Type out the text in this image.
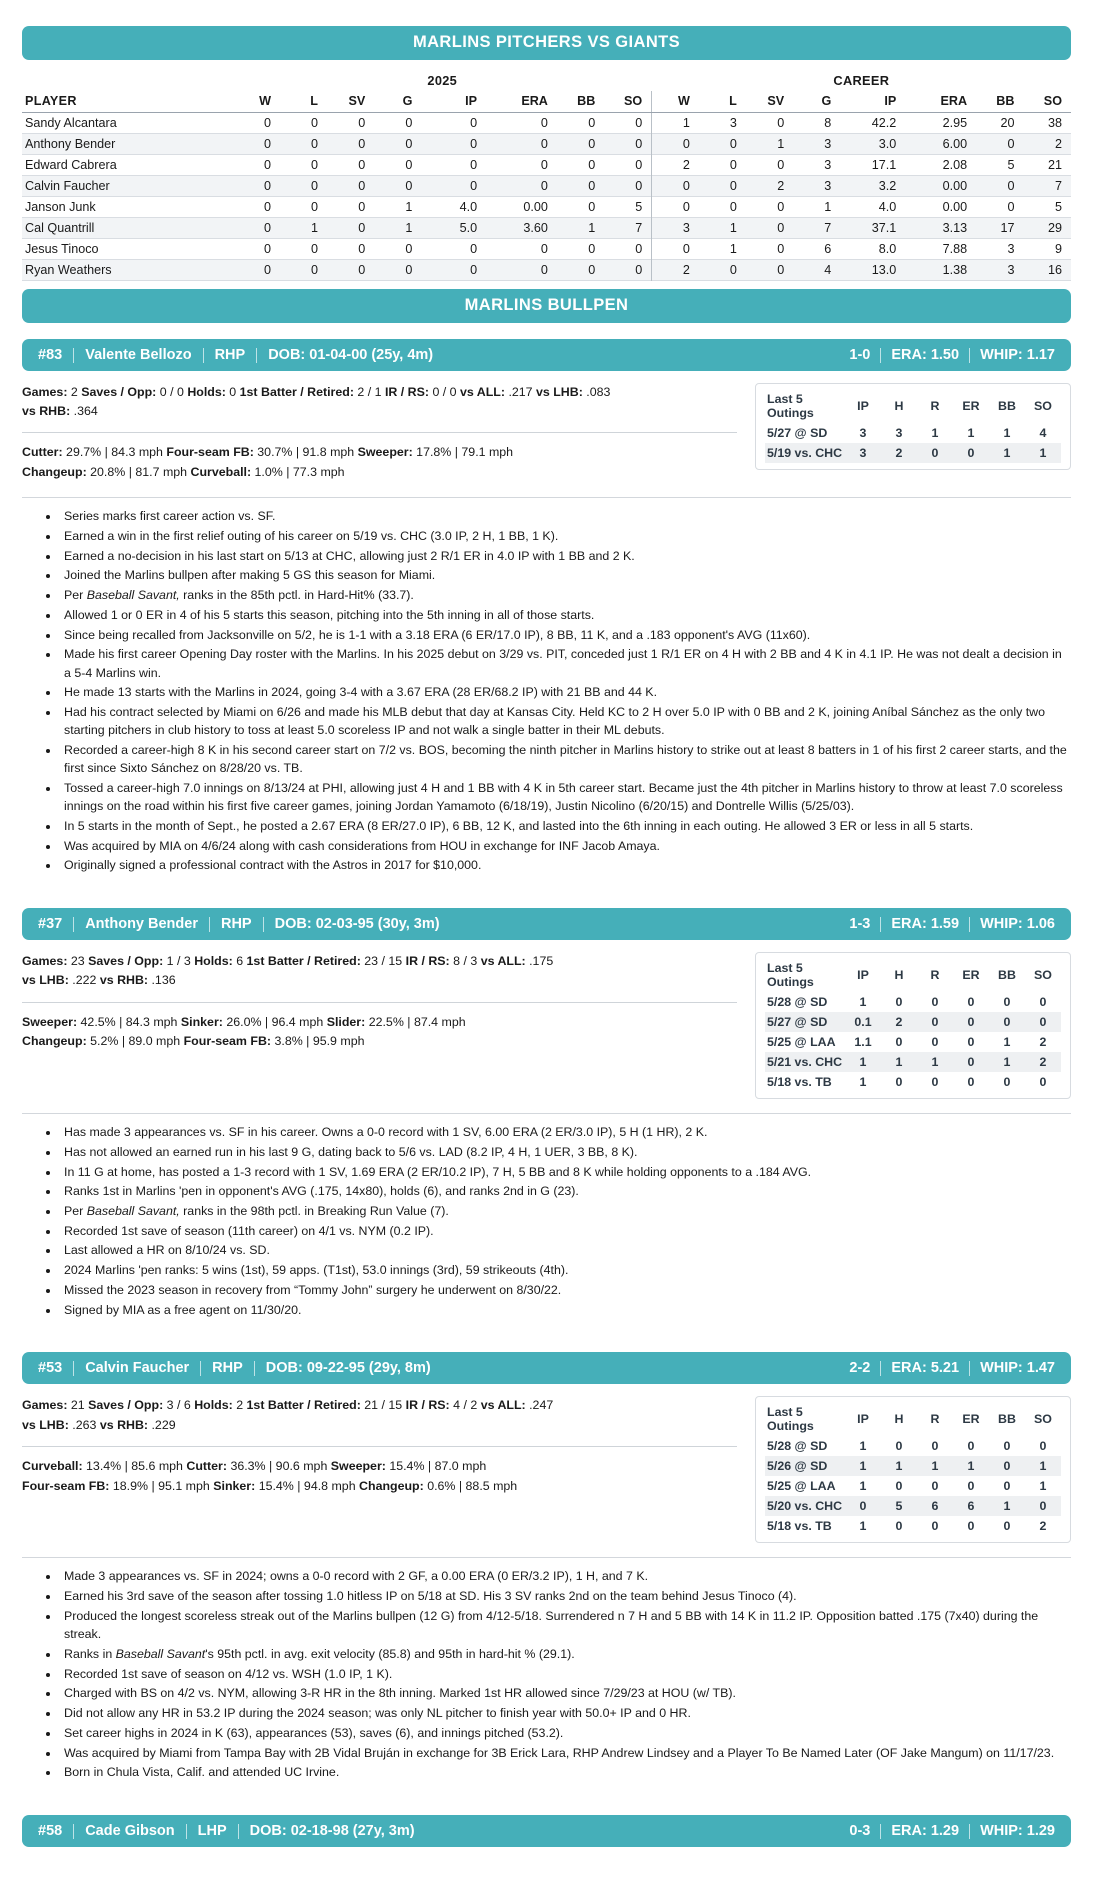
MARLINS PITCHERS VS GIANTS
	2025								CAREER							
PLAYER	W	L	SV	G	IP	ERA	BB	SO	W	L	SV	G	IP	ERA	BB	SO
Sandy Alcantara	0	0	0	0	0	0	0	0	1	3	0	8	42.2	2.95	20	38
Anthony Bender	0	0	0	0	0	0	0	0	0	0	1	3	3.0	6.00	0	2
Edward Cabrera	0	0	0	0	0	0	0	0	2	0	0	3	17.1	2.08	5	21
Calvin Faucher	0	0	0	0	0	0	0	0	0	0	2	3	3.2	0.00	0	7
Janson Junk	0	0	0	1	4.0	0.00	0	5	0	0	0	1	4.0	0.00	0	5
Cal Quantrill	0	1	0	1	5.0	3.60	1	7	3	1	0	7	37.1	3.13	17	29
Jesus Tinoco	0	0	0	0	0	0	0	0	0	1	0	6	8.0	7.88	3	9
Ryan Weathers	0	0	0	0	0	0	0	0	2	0	0	4	13.0	1.38	3	16
MARLINS BULLPEN
#83 Valente Bellozo RHP DOB: 01-04-00 (25y, 4m)	1-0 ERA: 1.50 WHIP: 1.17
Games: 2 Saves / Opp: 0 / 0 Holds: 0 1st Batter / Retired: 2 / 1 IR / RS: 0 / 0 vs ALL: .217 vs LHB: .083
vs RHB: .364
Cutter: 29.7% | 84.3 mph Four-seam FB: 30.7% | 91.8 mph Sweeper: 17.8% | 79.1 mph
Changeup: 20.8% | 81.7 mph Curveball: 1.0% | 77.3 mph
Last 5 Outings	IP	H	R	ER	BB	SO
5/27 @ SD	3	3	1	1	1	4
5/19 vs. CHC	3	2	0	0	1	1
• Series marks first career action vs. SF.
• Earned a win in the first relief outing of his career on 5/19 vs. CHC (3.0 IP, 2 H, 1 BB, 1 K).
• Earned a no-decision in his last start on 5/13 at CHC, allowing just 2 R/1 ER in 4.0 IP with 1 BB and 2 K.
• Joined the Marlins bullpen after making 5 GS this season for Miami.
• Per Baseball Savant, ranks in the 85th pctl. in Hard-Hit% (33.7).
• Allowed 1 or 0 ER in 4 of his 5 starts this season, pitching into the 5th inning in all of those starts.
• Since being recalled from Jacksonville on 5/2, he is 1-1 with a 3.18 ERA (6 ER/17.0 IP), 8 BB, 11 K, and a .183 opponent's AVG (11x60).
• Made his first career Opening Day roster with the Marlins. In his 2025 debut on 3/29 vs. PIT, conceded just 1 R/1 ER on 4 H with 2 BB and 4 K in 4.1 IP. He was not dealt a decision in a 5-4 Marlins win.
• He made 13 starts with the Marlins in 2024, going 3-4 with a 3.67 ERA (28 ER/68.2 IP) with 21 BB and 44 K.
• Had his contract selected by Miami on 6/26 and made his MLB debut that day at Kansas City. Held KC to 2 H over 5.0 IP with 0 BB and 2 K, joining Aníbal Sánchez as the only two starting pitchers in club history to toss at least 5.0 scoreless IP and not walk a single batter in their ML debuts.
• Recorded a career-high 8 K in his second career start on 7/2 vs. BOS, becoming the ninth pitcher in Marlins history to strike out at least 8 batters in 1 of his first 2 career starts, and the first since Sixto Sánchez on 8/28/20 vs. TB.
• Tossed a career-high 7.0 innings on 8/13/24 at PHI, allowing just 4 H and 1 BB with 4 K in 5th career start. Became just the 4th pitcher in Marlins history to throw at least 7.0 scoreless innings on the road within his first five career games, joining Jordan Yamamoto (6/18/19), Justin Nicolino (6/20/15) and Dontrelle Willis (5/25/03).
• In 5 starts in the month of Sept., he posted a 2.67 ERA (8 ER/27.0 IP), 6 BB, 12 K, and lasted into the 6th inning in each outing. He allowed 3 ER or less in all 5 starts.
• Was acquired by MIA on 4/6/24 along with cash considerations from HOU in exchange for INF Jacob Amaya.
• Originally signed a professional contract with the Astros in 2017 for $10,000.
#37 Anthony Bender RHP DOB: 02-03-95 (30y, 3m)	1-3 ERA: 1.59 WHIP: 1.06
Games: 23 Saves / Opp: 1 / 3 Holds: 6 1st Batter / Retired: 23 / 15 IR / RS: 8 / 3 vs ALL: .175
vs LHB: .222 vs RHB: .136
Sweeper: 42.5% | 84.3 mph Sinker: 26.0% | 96.4 mph Slider: 22.5% | 87.4 mph
Changeup: 5.2% | 89.0 mph Four-seam FB: 3.8% | 95.9 mph
Last 5 Outings	IP	H	R	ER	BB	SO
5/28 @ SD	1	0	0	0	0	0
5/27 @ SD	0.1	2	0	0	0	0
5/25 @ LAA	1.1	0	0	0	1	2
5/21 vs. CHC	1	1	1	0	1	2
5/18 vs. TB	1	0	0	0	0	0
• Has made 3 appearances vs. SF in his career. Owns a 0-0 record with 1 SV, 6.00 ERA (2 ER/3.0 IP), 5 H (1 HR), 2 K.
• Has not allowed an earned run in his last 9 G, dating back to 5/6 vs. LAD (8.2 IP, 4 H, 1 UER, 3 BB, 8 K).
• In 11 G at home, has posted a 1-3 record with 1 SV, 1.69 ERA (2 ER/10.2 IP), 7 H, 5 BB and 8 K while holding opponents to a .184 AVG.
• Ranks 1st in Marlins 'pen in opponent's AVG (.175, 14x80), holds (6), and ranks 2nd in G (23).
• Per Baseball Savant, ranks in the 98th pctl. in Breaking Run Value (7).
• Recorded 1st save of season (11th career) on 4/1 vs. NYM (0.2 IP).
• Last allowed a HR on 8/10/24 vs. SD.
• 2024 Marlins 'pen ranks: 5 wins (1st), 59 apps. (T1st), 53.0 innings (3rd), 59 strikeouts (4th).
• Missed the 2023 season in recovery from “Tommy John” surgery he underwent on 8/30/22.
• Signed by MIA as a free agent on 11/30/20.
#53 Calvin Faucher RHP DOB: 09-22-95 (29y, 8m)	2-2 ERA: 5.21 WHIP: 1.47
Games: 21 Saves / Opp: 3 / 6 Holds: 2 1st Batter / Retired: 21 / 15 IR / RS: 4 / 2 vs ALL: .247
vs LHB: .263 vs RHB: .229
Curveball: 13.4% | 85.6 mph Cutter: 36.3% | 90.6 mph Sweeper: 15.4% | 87.0 mph
Four-seam FB: 18.9% | 95.1 mph Sinker: 15.4% | 94.8 mph Changeup: 0.6% | 88.5 mph
Last 5 Outings	IP	H	R	ER	BB	SO
5/28 @ SD	1	0	0	0	0	0
5/26 @ SD	1	1	1	1	0	1
5/25 @ LAA	1	0	0	0	0	1
5/20 vs. CHC	0	5	6	6	1	0
5/18 vs. TB	1	0	0	0	0	2
• Made 3 appearances vs. SF in 2024; owns a 0-0 record with 2 GF, a 0.00 ERA (0 ER/3.2 IP), 1 H, and 7 K.
• Earned his 3rd save of the season after tossing 1.0 hitless IP on 5/18 at SD. His 3 SV ranks 2nd on the team behind Jesus Tinoco (4).
• Produced the longest scoreless streak out of the Marlins bullpen (12 G) from 4/12-5/18. Surrendered n 7 H and 5 BB with 14 K in 11.2 IP. Opposition batted .175 (7x40) during the streak.
• Ranks in Baseball Savant's 95th pctl. in avg. exit velocity (85.8) and 95th in hard-hit % (29.1).
• Recorded 1st save of season on 4/12 vs. WSH (1.0 IP, 1 K).
• Charged with BS on 4/2 vs. NYM, allowing 3-R HR in the 8th inning. Marked 1st HR allowed since 7/29/23 at HOU (w/ TB).
• Did not allow any HR in 53.2 IP during the 2024 season; was only NL pitcher to finish year with 50.0+ IP and 0 HR.
• Set career highs in 2024 in K (63), appearances (53), saves (6), and innings pitched (53.2).
• Was acquired by Miami from Tampa Bay with 2B Vidal Bruján in exchange for 3B Erick Lara, RHP Andrew Lindsey and a Player To Be Named Later (OF Jake Mangum) on 11/17/23.
• Born in Chula Vista, Calif. and attended UC Irvine.
#58 Cade Gibson LHP DOB: 02-18-98 (27y, 3m)	0-3 ERA: 1.29 WHIP: 1.29
